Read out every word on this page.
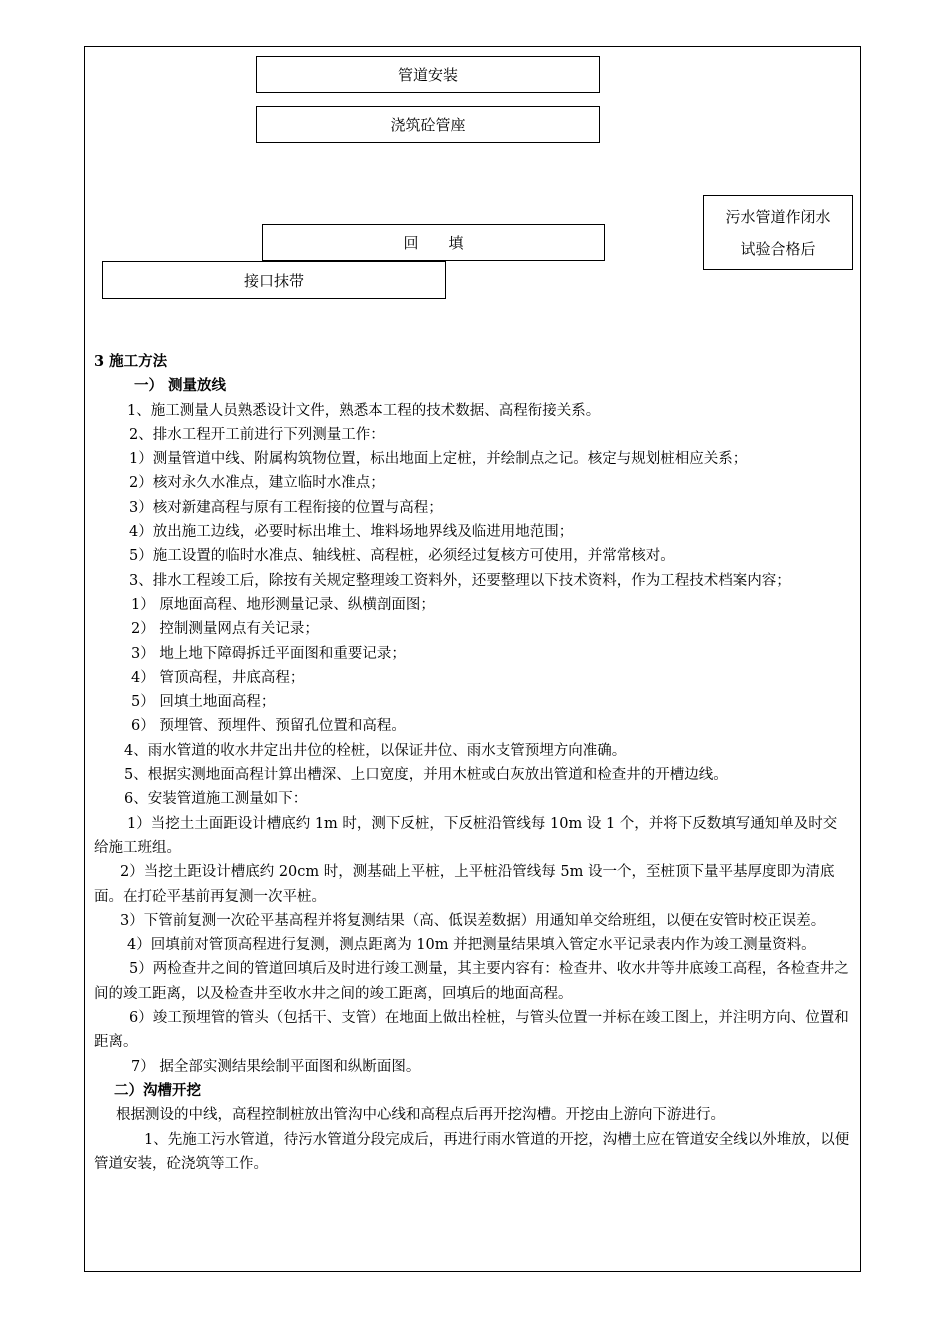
管道安装
浇筑砼管座
回　　填
接口抹带
污水管道作闭水
试验合格后

3 施工方法

一） 测量放线

1、施工测量人员熟悉设计文件，熟悉本工程的技术数据、高程衔接关系。

2、排水工程开工前进行下列测量工作：

1）测量管道中线、附属构筑物位置，标出地面上定桩，并绘制点之记。核定与规划桩相应关系；

2）核对永久水准点，建立临时水准点；

3）核对新建高程与原有工程衔接的位置与高程；

4）放出施工边线，必要时标出堆土、堆料场地界线及临进用地范围；

5）施工设置的临时水准点、轴线桩、高程桩，必须经过复核方可使用，并常常核对。

3、排水工程竣工后，除按有关规定整理竣工资料外，还要整理以下技术资料，作为工程技术档案内容；

1） 原地面高程、地形测量记录、纵横剖面图；

2） 控制测量网点有关记录；

3） 地上地下障碍拆迁平面图和重要记录；

4） 管顶高程，井底高程；

5） 回填土地面高程；

6） 预埋管、预埋件、预留孔位置和高程。

4、雨水管道的收水井定出井位的栓桩，以保证井位、雨水支管预埋方向准确。

5、根据实测地面高程计算出槽深、上口宽度，并用木桩或白灰放出管道和检查井的开槽边线。

6、安装管道施工测量如下：

1）当挖土土面距设计槽底约 1m 时，测下反桩，下反桩沿管线每 10m 设 1 个，并将下反数填写通知单及时交给施工班组。

2）当挖土距设计槽底约 20cm 时，测基础上平桩，上平桩沿管线每 5m 设一个，至桩顶下量平基厚度即为清底面。在打砼平基前再复测一次平桩。

3）下管前复测一次砼平基高程并将复测结果（高、低误差数据）用通知单交给班组，以便在安管时校正误差。

4）回填前对管顶高程进行复测，测点距离为 10m 并把测量结果填入管定水平记录表内作为竣工测量资料。

5）两检查井之间的管道回填后及时进行竣工测量，其主要内容有：检查井、收水井等井底竣工高程，各检查井之间的竣工距离，以及检查井至收水井之间的竣工距离，回填后的地面高程。

6）竣工预埋管的管头（包括干、支管）在地面上做出栓桩，与管头位置一并标在竣工图上，并注明方向、位置和距离。

7） 据全部实测结果绘制平面图和纵断面图。

二）沟槽开挖

根据测设的中线，高程控制桩放出管沟中心线和高程点后再开挖沟槽。开挖由上游向下游进行。

1、先施工污水管道，待污水管道分段完成后，再进行雨水管道的开挖，沟槽土应在管道安全线以外堆放，以便管道安装，砼浇筑等工作。
